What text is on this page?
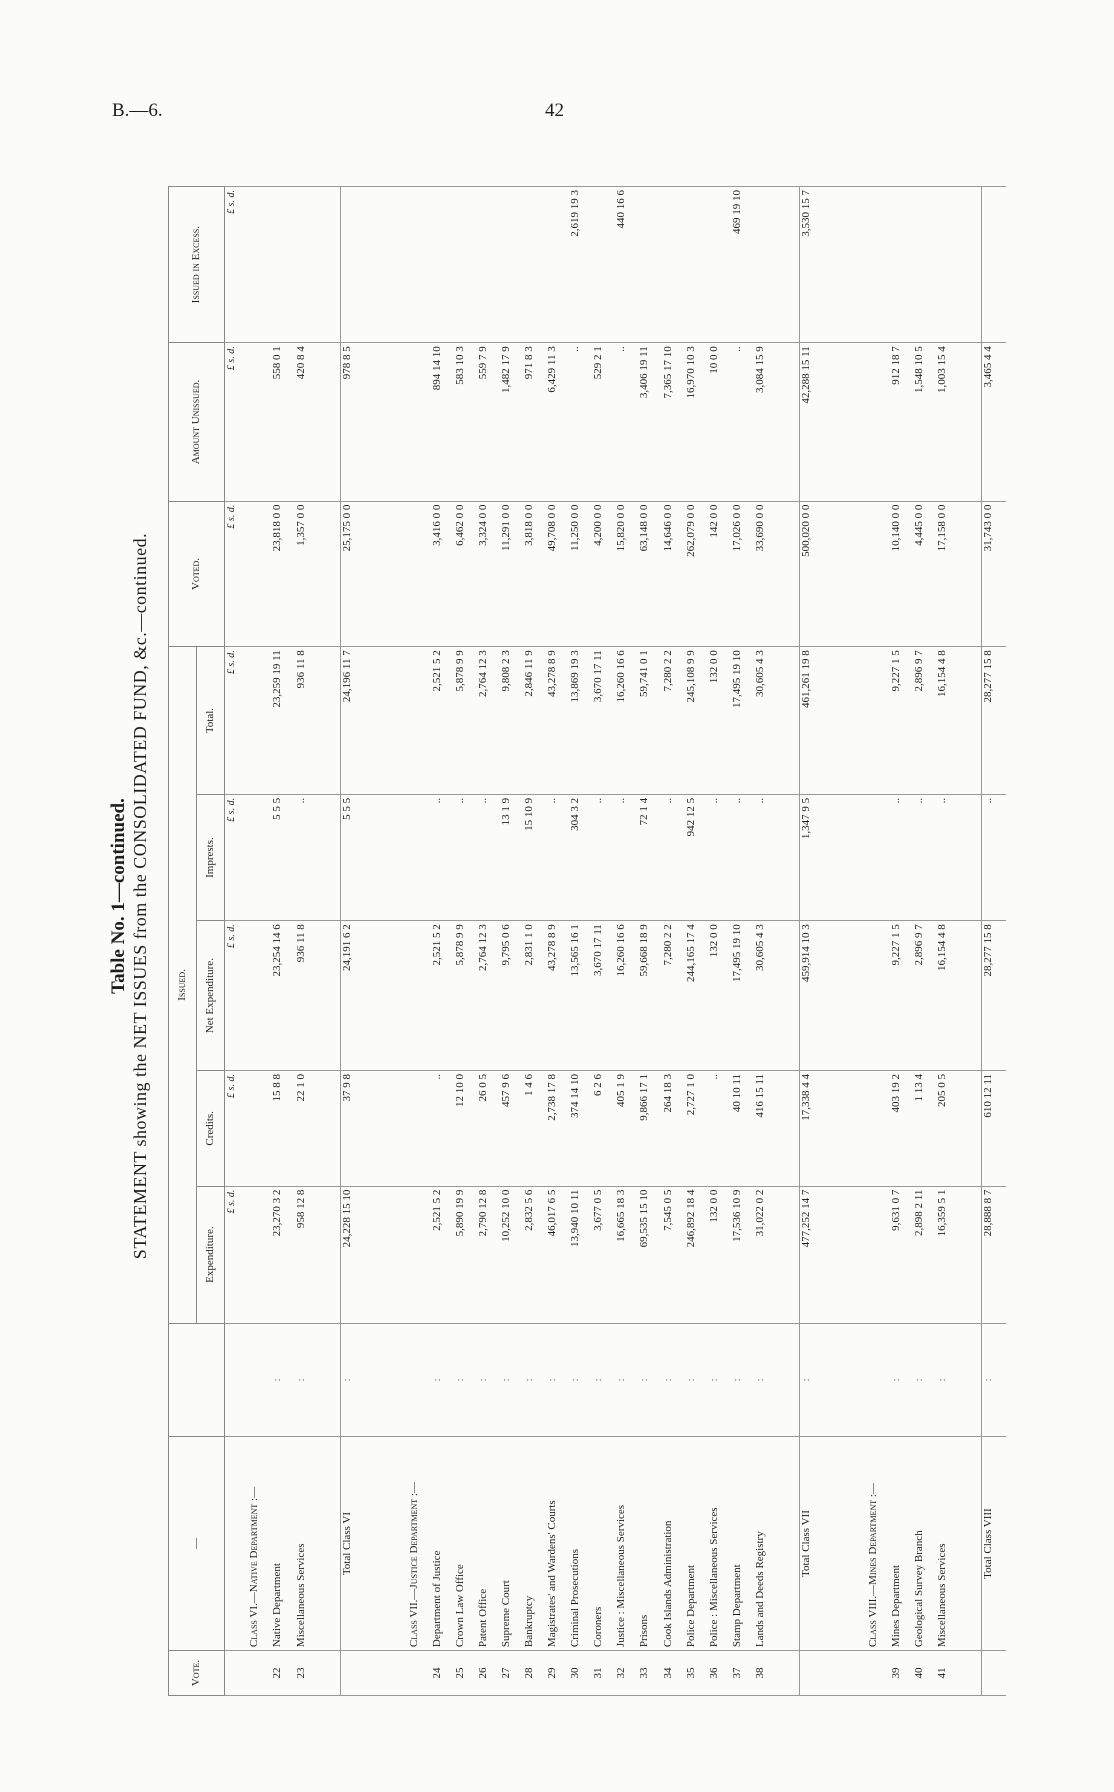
B.—6.	42
Table No. 1—continued. STATEMENT showing the NET ISSUES from the CONSOLIDATED FUND, &c.—continued.
Vote.	—		Issued.					Voted.	Amount Unissued.	Issued in Excess.
			Expenditure.	Credits.	Net Expenditure.	Imprests.	Total.			
			£ s. d.	£ s. d.	£ s. d.	£ s. d.	£ s. d.	£ s. d.	£ s. d.	£ s. d.
	Class VI.—Native Department :—									
22	Native Department	:	23,270 3 2	15 8 8	23,254 14 6	5 5 5	23,259 19 11	23,818 0 0	558 0 1	
23	Miscellaneous Services	:	958 12 8	22 1 0	936 11 8	..	936 11 8	1,357 0 0	420 8 4	

	Total Class VI	:	24,228 15 10	37 9 8	24,191 6 2	5 5 5	24,196 11 7	25,175 0 0	978 8 5	

	Class VII.—Justice Department :—									
24	Department of Justice	:	2,521 5 2	..	2,521 5 2	..	2,521 5 2	3,416 0 0	894 14 10	
25	Crown Law Office	:	5,890 19 9	12 10 0	5,878 9 9	..	5,878 9 9	6,462 0 0	583 10 3	
26	Patent Office	:	2,790 12 8	26 0 5	2,764 12 3	..	2,764 12 3	3,324 0 0	559 7 9	
27	Supreme Court	:	10,252 10 0	457 9 6	9,795 0 6	13 1 9	9,808 2 3	11,291 0 0	1,482 17 9	
28	Bankruptcy	:	2,832 5 6	1 4 6	2,831 1 0	15 10 9	2,846 11 9	3,818 0 0	971 8 3	
29	Magistrates' and Wardens' Courts	:	46,017 6 5	2,738 17 8	43,278 8 9	..	43,278 8 9	49,708 0 0	6,429 11 3	
30	Criminal Prosecutions	:	13,940 10 11	374 14 10	13,565 16 1	304 3 2	13,869 19 3	11,250 0 0	..	2,619 19 3
31	Coroners	:	3,677 0 5	6 2 6	3,670 17 11	..	3,670 17 11	4,200 0 0	529 2 1	
32	Justice : Miscellaneous Services	:	16,665 18 3	405 1 9	16,260 16 6	..	16,260 16 6	15,820 0 0	..	440 16 6
33	Prisons	:	69,535 15 10	9,866 17 1	59,668 18 9	72 1 4	59,741 0 1	63,148 0 0	3,406 19 11	
34	Cook Islands Administration	:	7,545 0 5	264 18 3	7,280 2 2	..	7,280 2 2	14,646 0 0	7,365 17 10	
35	Police Department	:	246,892 18 4	2,727 1 0	244,165 17 4	942 12 5	245,108 9 9	262,079 0 0	16,970 10 3	
36	Police : Miscellaneous Services	:	132 0 0	..	132 0 0	..	132 0 0	142 0 0	10 0 0	
37	Stamp Department	:	17,536 10 9	40 10 11	17,495 19 10	..	17,495 19 10	17,026 0 0	..	469 19 10
38	Lands and Deeds Registry	:	31,022 0 2	416 15 11	30,605 4 3	..	30,605 4 3	33,690 0 0	3,084 15 9	

	Total Class VII	:	477,252 14 7	17,338 4 4	459,914 10 3	1,347 9 5	461,261 19 8	500,020 0 0	42,288 15 11	3,530 15 7

	Class VIII.—Mines Department :—									
39	Mines Department	:	9,631 0 7	403 19 2	9,227 1 5	..	9,227 1 5	10,140 0 0	912 18 7	
40	Geological Survey Branch	:	2,898 2 11	1 13 4	2,896 9 7	..	2,896 9 7	4,445 0 0	1,548 10 5	
41	Miscellaneous Services	:	16,359 5 1	205 0 5	16,154 4 8	..	16,154 4 8	17,158 0 0	1,003 15 4	

	Total Class VIII	:	28,888 8 7	610 12 11	28,277 15 8	..	28,277 15 8	31,743 0 0	3,465 4 4	
